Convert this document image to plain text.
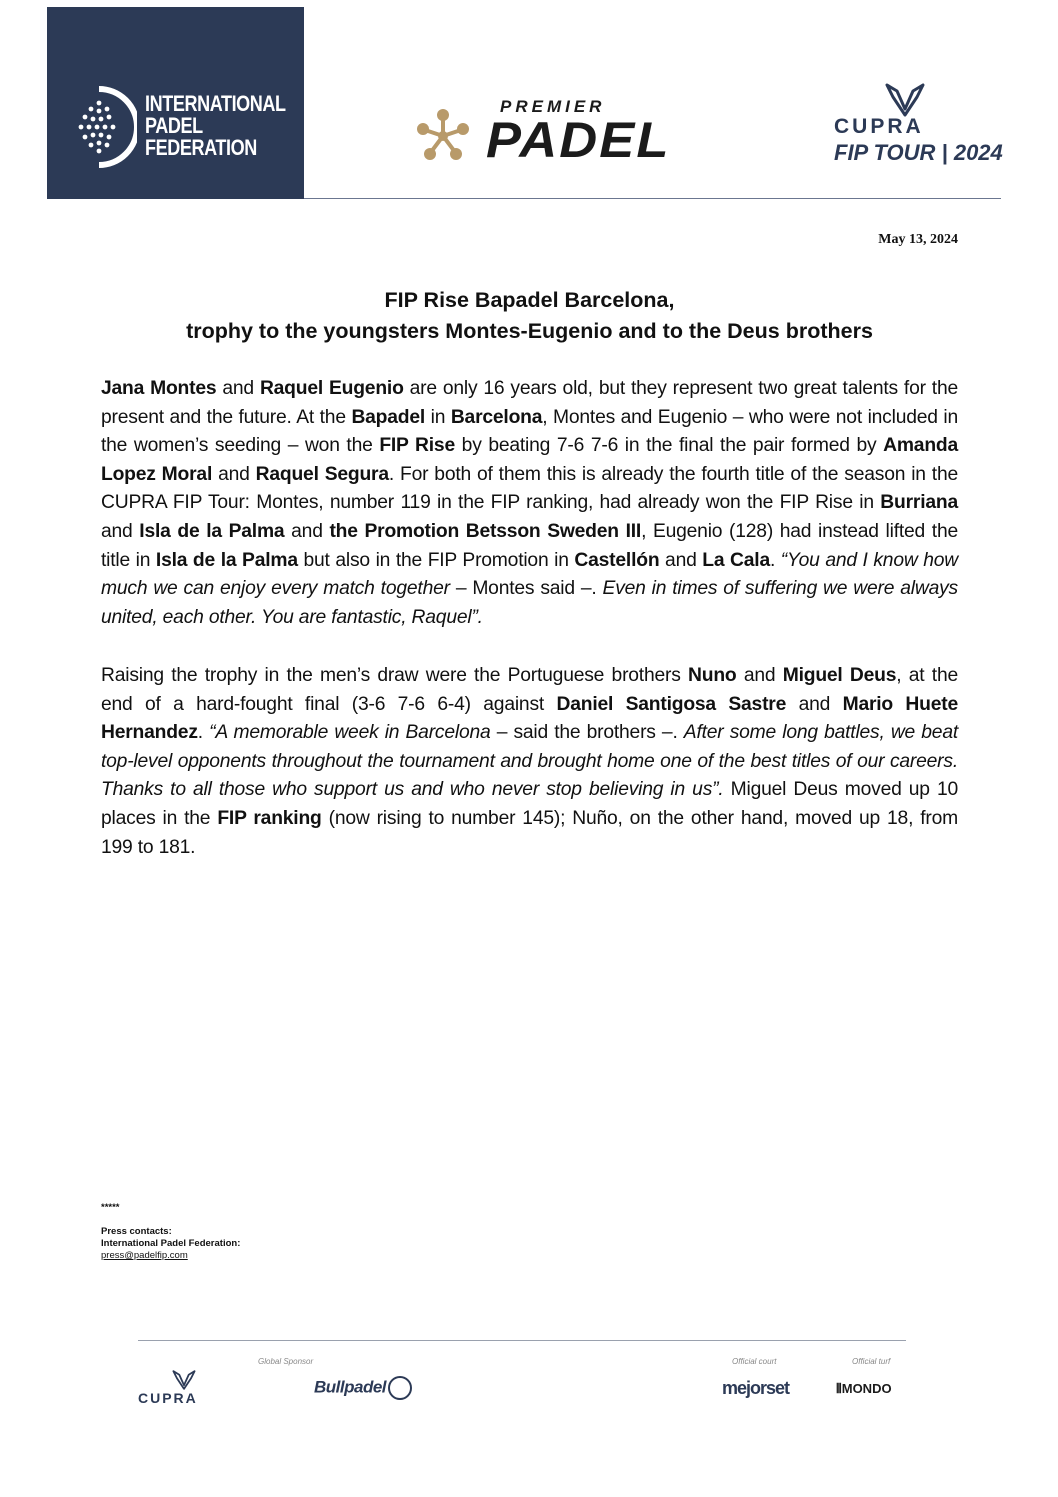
INTERNATIONAL
PADEL
FEDERATION
PREMIER
PADEL	CUPRA
FIP TOUR | 2024
May 13, 2024
FIP Rise Bapadel Barcelona,
trophy to the youngsters Montes-Eugenio and to the Deus brothers
Jana Montes and Raquel Eugenio are only 16 years old, but they represent two great talents for the present and the future. At the Bapadel in Barcelona, Montes and Eugenio – who were not included in the women’s seeding – won the FIP Rise by beating 7-6 7-6 in the final the pair formed by Amanda Lopez Moral and Raquel Segura. For both of them this is already the fourth title of the season in the CUPRA FIP Tour: Montes, number 119 in the FIP ranking, had already won the FIP Rise in Burriana and Isla de la Palma and the Promotion Betsson Sweden III, Eugenio (128) had instead lifted the title in Isla de la Palma but also in the FIP Promotion in Castellón and La Cala. “You and I know how much we can enjoy every match together – Montes said –. Even in times of suffering we were always united, each other. You are fantastic, Raquel”.
Raising the trophy in the men’s draw were the Portuguese brothers Nuno and Miguel Deus, at the end of a hard-fought final (3-6 7-6 6-4) against Daniel Santigosa Sastre and Mario Huete Hernandez. “A memorable week in Barcelona – said the brothers –. After some long battles, we beat top-level opponents throughout the tournament and brought home one of the best titles of our careers. Thanks to all those who support us and who never stop believing in us”. Miguel Deus moved up 10 places in the FIP ranking (now rising to number 145); Nuño, on the other hand, moved up 18, from 199 to 181.
*****
Press contacts:
International Padel Federation:
press@padelfip.com
CUPRA
Global Sponsor
Bullpadel
Official court
mejorset
Official turf
⦀MONDO
